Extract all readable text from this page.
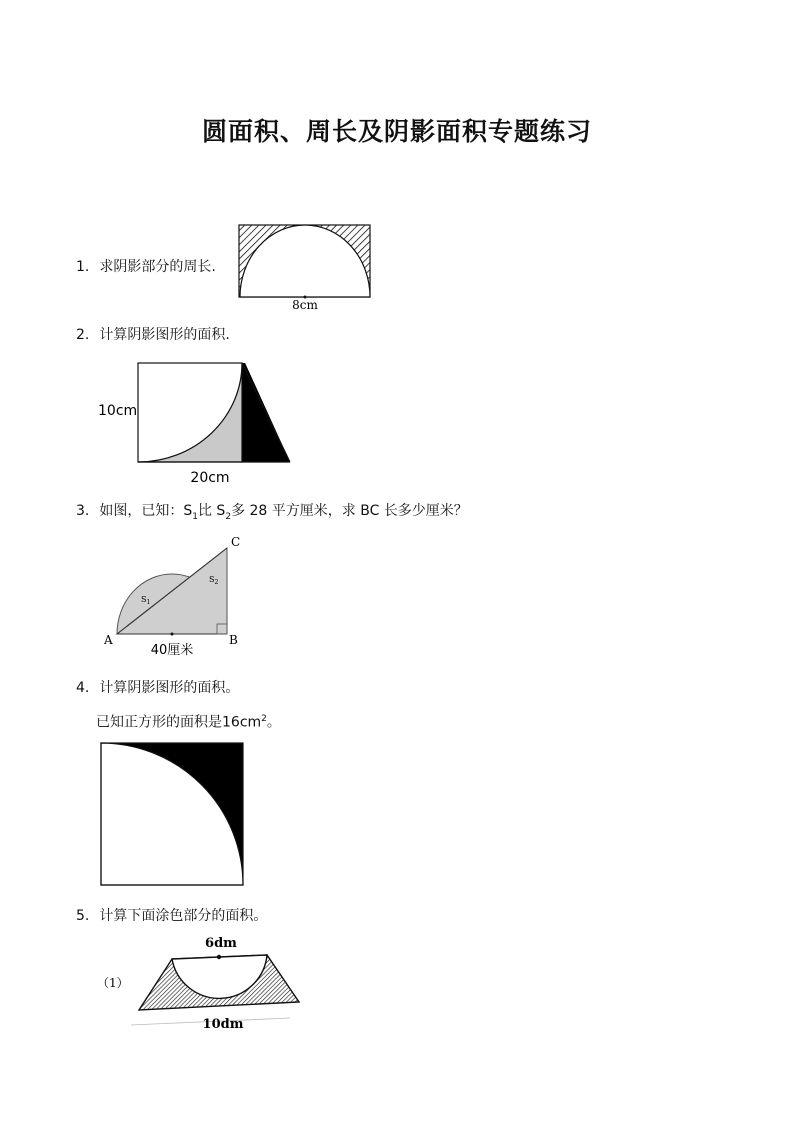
圆面积、周长及阴影面积专题练习
1. 求阴影部分的周长.
8cm
2. 计算阴影图形的面积.
10cm
20cm
3. 如图，已知：$S_1$比 $S_2$多 28 平方厘米，求 BC 长多少厘米？
C
A	B
$S_1$
$S_2$
40厘米
4. 计算阴影图形的面积。
已知正方形的面积是$16cm^2$。
5. 计算下面涂色部分的面积。
6dm
10dm
（1）
